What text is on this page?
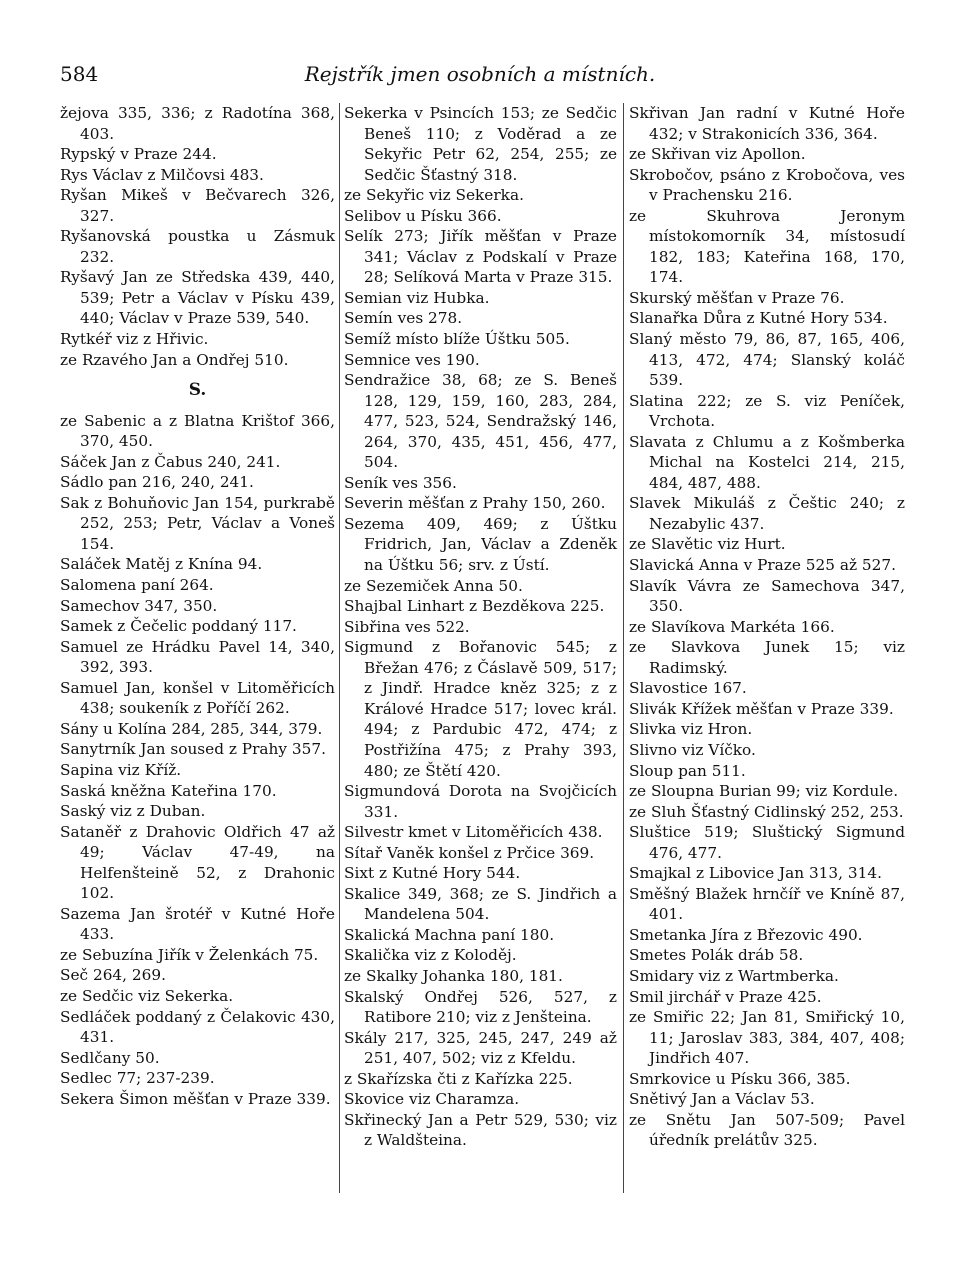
584	Rejstřík jmen osobních a místních.

žejova 335, 336; z Radotína 368, 403.

Rypský v Praze 244.

Rys Václav z Milčovsi 483.

Ryšan Mikeš v Bečvarech 326, 327.

Ryšanovská poustka u Zásmuk 232.

Ryšavý Jan ze Středska 439, 440, 539; Petr a Václav v Písku 439, 440; Václav v Praze 539, 540.

Rytkéř viz z Hřivic.

ze Rzavého Jan a Ondřej 510.

S.

ze Sabenic a z Blatna Krištof 366, 370, 450.

Sáček Jan z Čabus 240, 241.

Sádlo pan 216, 240, 241.

Sak z Bohuňovic Jan 154, purkrabě 252, 253; Petr, Václav a Voneš 154.

Saláček Matěj z Knína 94.

Salomena paní 264.

Samechov 347, 350.

Samek z Čečelic poddaný 117.

Samuel ze Hrádku Pavel 14, 340, 392, 393.

Samuel Jan, konšel v Litoměřicích 438; soukeník z Poříčí 262.

Sány u Kolína 284, 285, 344, 379.

Sanytrník Jan soused z Prahy 357.

Sapina viz Kříž.

Saská kněžna Kateřina 170.

Saský viz z Duban.

Sataněř z Drahovic Oldřich 47 až 49; Václav 47-49, na Helfenšteině 52, z Drahonic 102.

Sazema Jan šrotéř v Kutné Hoře 433.

ze Sebuzína Jiřík v Želenkách 75.

Seč 264, 269.

ze Sedčic viz Sekerka.

Sedláček poddaný z Čelakovic 430, 431.

Sedlčany 50.

Sedlec 77; 237-239.

Sekera Šimon měšťan v Praze 339.

Sekerka v Psincích 153; ze Sedčic Beneš 110; z Voděrad a ze Sekyřic Petr 62, 254, 255; ze Sedčic Šťastný 318.

ze Sekyřic viz Sekerka.

Selibov u Písku 366.

Selík 273; Jiřík měšťan v Praze 341; Václav z Podskalí v Praze 28; Selíková Marta v Praze 315.

Semian viz Hubka.

Semín ves 278.

Semíž místo blíže Úštku 505.

Semnice ves 190.

Sendražice 38, 68; ze S. Beneš 128, 129, 159, 160, 283, 284, 477, 523, 524, Sendražský 146, 264, 370, 435, 451, 456, 477, 504.

Seník ves 356.

Severin měšťan z Prahy 150, 260.

Sezema 409, 469; z Úštku Fridrich, Jan, Václav a Zdeněk na Úštku 56; srv. z Ústí.

ze Sezemiček Anna 50.

Shajbal Linhart z Bezděkova 225.

Sibřina ves 522.

Sigmund z Bořanovic 545; z Břežan 476; z Čáslavě 509, 517; z Jindř. Hradce kněz 325; z z Králové Hradce 517; lovec král. 494; z Pardubic 472, 474; z Postřižína 475; z Prahy 393, 480; ze Štětí 420.

Sigmundová Dorota na Svojčicích 331.

Silvestr kmet v Litoměřicích 438.

Sítař Vaněk konšel z Prčice 369.

Sixt z Kutné Hory 544.

Skalice 349, 368; ze S. Jindřich a Mandelena 504.

Skalická Machna paní 180.

Skalička viz z Koloděj.

ze Skalky Johanka 180, 181.

Skalský Ondřej 526, 527, z Ratibore 210; viz z Jenšteina.

Skály 217, 325, 245, 247, 249 až 251, 407, 502; viz z Kfeldu.

z Skařízska čti z Kařízka 225.

Skovice viz Charamza.

Skřinecký Jan a Petr 529, 530; viz z Waldšteina.

Skřivan Jan radní v Kutné Hoře 432; v Strakonicích 336, 364.

ze Skřivan viz Apollon.

Skrobočov, psáno z Krobočova, ves v Prachensku 216.

ze Skuhrova Jeronym místokomorník 34, místosudí 182, 183; Kateřina 168, 170, 174.

Skurský měšťan v Praze 76.

Slanařka Důra z Kutné Hory 534.

Slaný město 79, 86, 87, 165, 406, 413, 472, 474; Slanský koláč 539.

Slatina 222; ze S. viz Peníček, Vrchota.

Slavata z Chlumu a z Košmberka Michal na Kostelci 214, 215, 484, 487, 488.

Slavek Mikuláš z Češtic 240; z Nezabylic 437.

ze Slavětic viz Hurt.

Slavická Anna v Praze 525 až 527.

Slavík Vávra ze Samechova 347, 350.

ze Slavíkova Markéta 166.

ze Slavkova Junek 15; viz Radimský.

Slavostice 167.

Slivák Křížek měšťan v Praze 339.

Slivka viz Hron.

Slivno viz Víčko.

Sloup pan 511.

ze Sloupna Burian 99; viz Kordule.

ze Sluh Šťastný Cidlinský 252, 253.

Sluštice 519; Sluštický Sigmund 476, 477.

Smajkal z Libovice Jan 313, 314.

Směšný Blažek hrnčíř ve Kníně 87, 401.

Smetanka Jíra z Březovic 490.

Smetes Polák dráb 58.

Smidary viz z Wartmberka.

Smil jirchář v Praze 425.

ze Smiřic 22; Jan 81, Smiřický 10, 11; Jaroslav 383, 384, 407, 408; Jindřich 407.

Smrkovice u Písku 366, 385.

Snětivý Jan a Václav 53.

ze Snětu Jan 507-509; Pavel úředník prelátův 325.
